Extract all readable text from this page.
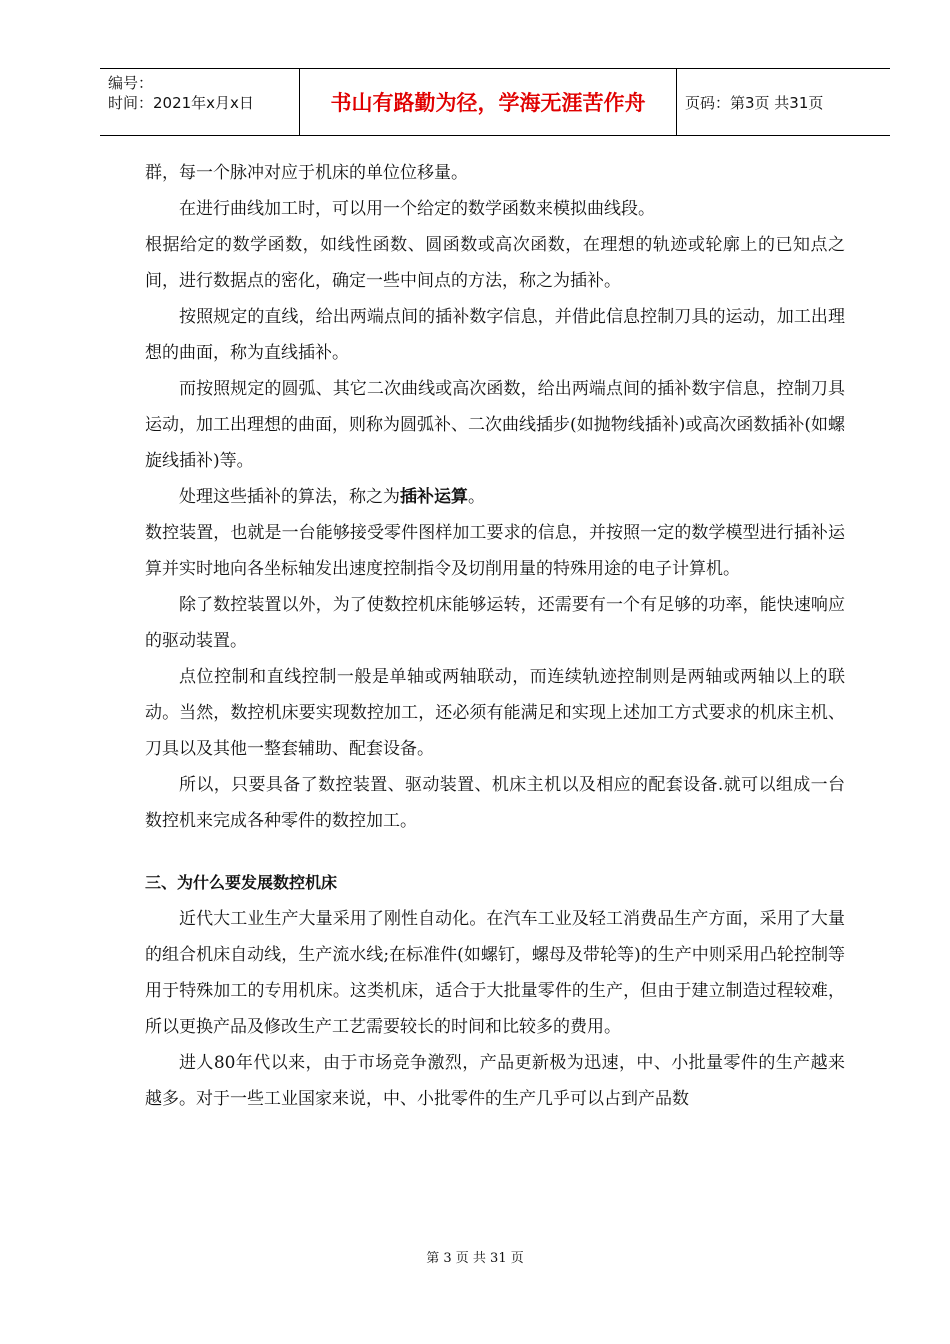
编号：
时间：2021年x月x日	书山有路勤为径，学海无涯苦作舟	页码：第3页 共31页

群，每一个脉冲对应于机床的单位位移量。

在进行曲线加工时，可以用一个给定的数学函数来模拟曲线段。

根据给定的数学函数，如线性函数、圆函数或高次函数，在理想的轨迹或轮廓上的已知点之间，进行数据点的密化，确定一些中间点的方法，称之为插补。

按照规定的直线，给出两端点间的插补数字信息，并借此信息控制刀具的运动，加工出理想的曲面，称为直线插补。

而按照规定的圆弧、其它二次曲线或高次函数，给出两端点间的插补数宇信息，控制刀具运动，加工出理想的曲面，则称为圆弧补、二次曲线插步(如抛物线插补)或高次函数插补(如螺旋线插补)等。

处理这些插补的算法，称之为插补运算。

数控装置，也就是一台能够接受零件图样加工要求的信息，并按照一定的数学模型进行插补运算并实时地向各坐标轴发出速度控制指令及切削用量的特殊用途的电子计算机。

除了数控装置以外，为了使数控机床能够运转，还需要有一个有足够的功率，能快速响应的驱动装置。

点位控制和直线控制一般是单轴或两轴联动，而连续轨迹控制则是两轴或两轴以上的联动。当然，数控机床要实现数控加工，还必须有能满足和实现上述加工方式要求的机床主机、刀具以及其他一整套辅助、配套设备。

所以，只要具备了数控装置、驱动装置、机床主机以及相应的配套设备.就可以组成一台数控机来完成各种零件的数控加工。

三、为什么要发展数控机床

近代大工业生产大量采用了刚性自动化。在汽车工业及轻工消费品生产方面，采用了大量的组合机床自动线，生产流水线;在标准件(如螺钉，螺母及带轮等)的生产中则采用凸轮控制等用于特殊加工的专用机床。这类机床，适合于大批量零件的生产，但由于建立制造过程较难，所以更换产品及修改生产工艺需要较长的时间和比较多的费用。

进人80年代以来，由于市场竞争激烈，产品更新极为迅速，中、小批量零件的生产越来越多。对于一些工业国家来说，中、小批零件的生产几乎可以占到产品数

第 3 页 共 31 页
